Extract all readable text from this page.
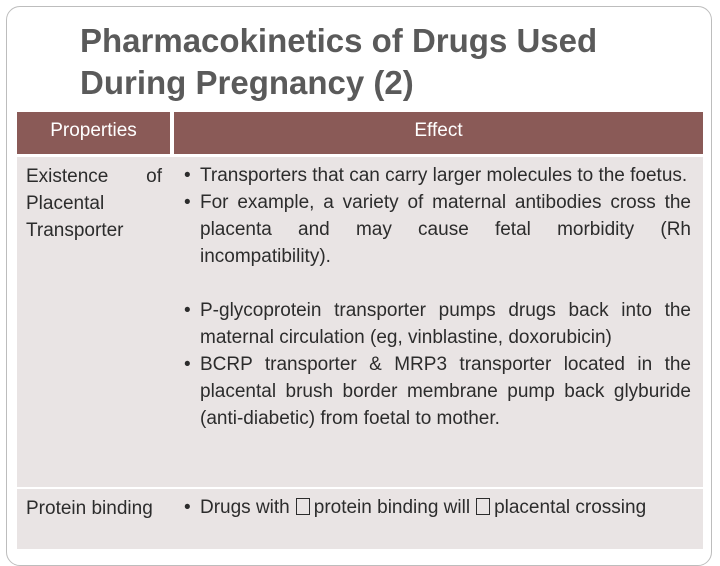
Pharmacokinetics of Drugs Used
During Pregnancy (2)
Properties	Effect
Existence of Placental Transporter
• Transporters that can carry larger molecules to the foetus.
• For example, a variety of maternal antibodies cross the placenta and may cause fetal morbidity (Rh incompatibility).
• P-glycoprotein transporter pumps drugs back into the maternal circulation (eg, vinblastine, doxorubicin)
• BCRP transporter & MRP3 transporter located in the placental brush border membrane pump back glyburide (anti-diabetic) from foetal to mother.
Protein binding	• Drugs with protein binding will placental crossing
